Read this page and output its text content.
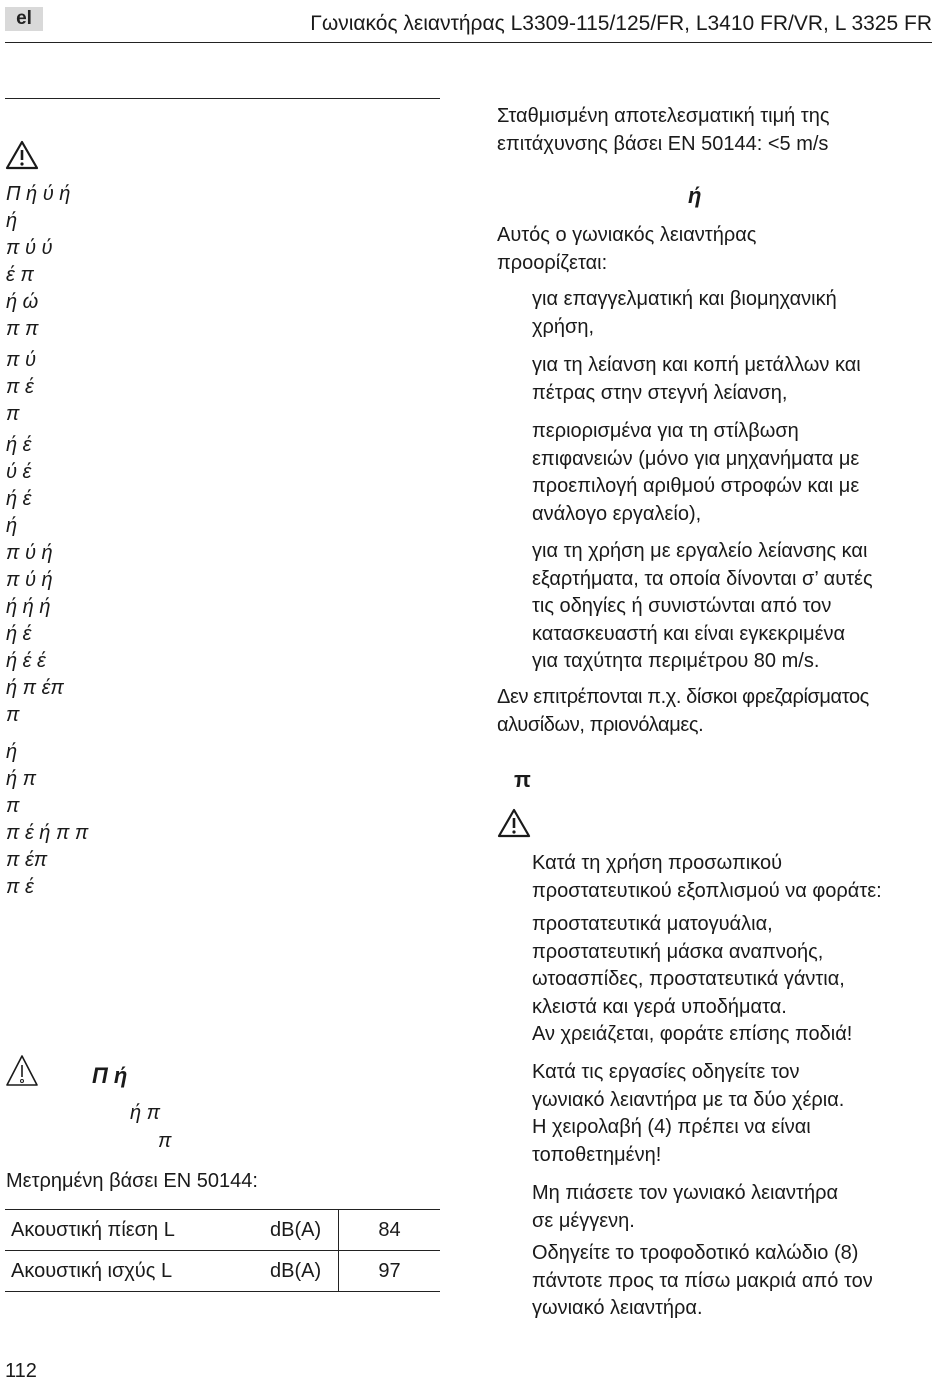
el	Γωνιακός λειαντήρας L3309-115/125/FR, L3410 FR/VR, L 3325 FR
Π ή ύ ή
ή
π ύ ύ
έ π
ή ώ
π π
π ύ
π έ
π
ή έ
ύ έ
ή έ
ή
π ύ ή
π ύ ή
ή ή ή
ή έ
ή έ έ
ή π έπ
π
ή
ή π
π
π έ ή π π
π έπ
π έ
Π ή
ή π
π
Μετρημένη βάσει EN 50144:
Ακουστική πίεση L	dB(A)	84
Ακουστική ισχύς L	dB(A)	97
112
Σταθμισμένη αποτελεσματική τιμή της
επιτάχυνσης βάσει EN 50144: <5 m/s
ή
Αυτός ο γωνιακός λειαντήρας
προορίζεται:
για επαγγελματική και βιομηχανική
χρήση,
για τη λείανση και κοπή μετάλλων και
πέτρας στην στεγνή λείανση,
περιορισμένα για τη στίλβωση
επιφανειών (μόνο για μηχανήματα με
προεπιλογή αριθμού στροφών και με
ανάλογο εργαλείο),
για τη χρήση με εργαλείο λείανσης και
εξαρτήματα, τα οποία δίνονται σ’ αυτές
τις οδηγίες ή συνιστώνται από τον
κατασκευαστή και είναι εγκεκριμένα
για ταχύτητα περιμέτρου 80 m/s.
Δεν επιτρέπονται π.χ. δίσκοι φρεζαρίσματος
αλυσίδων, πριονόλαμες.
π
Κατά τη χρήση προσωπικού
προστατευτικού εξοπλισμού να φοράτε:
προστατευτικά ματογυάλια,
προστατευτική μάσκα αναπνοής,
ωτοασπίδες, προστατευτικά γάντια,
κλειστά και γερά υποδήματα.
Αν χρειάζεται, φοράτε επίσης ποδιά!
Κατά τις εργασίες οδηγείτε τον
γωνιακό λειαντήρα με τα δύο χέρια.
Η χειρολαβή (4) πρέπει να είναι
τοποθετημένη!
Μη πιάσετε τον γωνιακό λειαντήρα
σε μέγγενη.
Οδηγείτε το τροφοδοτικό καλώδιο (8)
πάντοτε προς τα πίσω μακριά από τον
γωνιακό λειαντήρα.
